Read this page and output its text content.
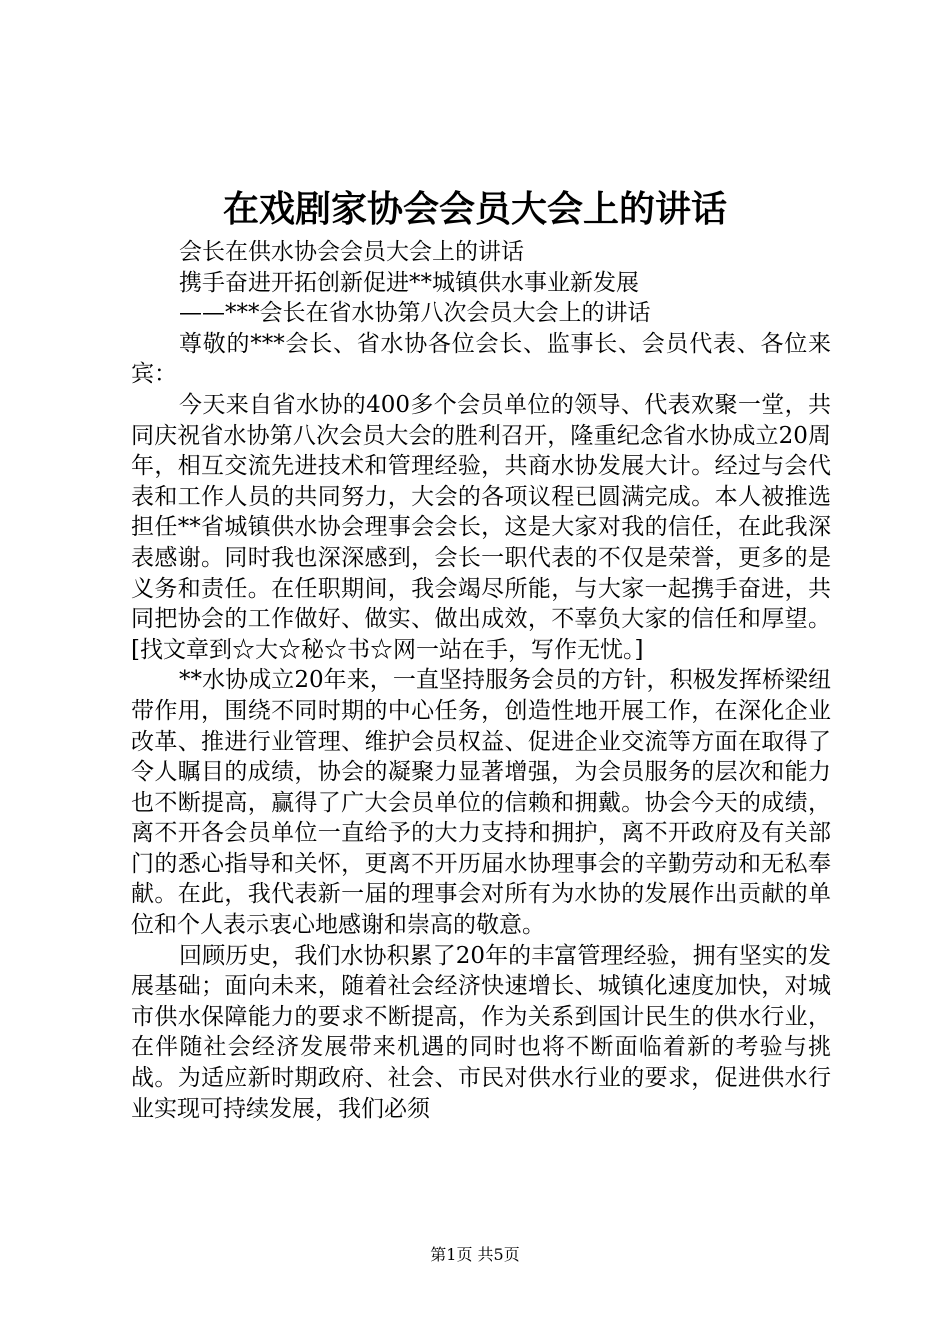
在戏剧家协会会员大会上的讲话

会长在供水协会会员大会上的讲话

携手奋进开拓创新促进**城镇供水事业新发展

——***会长在省水协第八次会员大会上的讲话

尊敬的***会长、省水协各位会长、监事长、会员代表、各位来宾：

今天来自省水协的400多个会员单位的领导、代表欢聚一堂，共同庆祝省水协第八次会员大会的胜利召开，隆重纪念省水协成立20周年，相互交流先进技术和管理经验，共商水协发展大计。经过与会代表和工作人员的共同努力，大会的各项议程已圆满完成。本人被推选担任**省城镇供水协会理事会会长，这是大家对我的信任，在此我深表感谢。同时我也深深感到，会长一职代表的不仅是荣誉，更多的是义务和责任。在任职期间，我会竭尽所能，与大家一起携手奋进，共同把协会的工作做好、做实、做出成效，不辜负大家的信任和厚望。[找文章到☆大☆秘☆书☆网一站在手，写作无忧。]

**水协成立20年来，一直坚持服务会员的方针，积极发挥桥梁纽带作用，围绕不同时期的中心任务，创造性地开展工作，在深化企业改革、推进行业管理、维护会员权益、促进企业交流等方面在取得了令人瞩目的成绩，协会的凝聚力显著增强，为会员服务的层次和能力也不断提高，赢得了广大会员单位的信赖和拥戴。协会今天的成绩，离不开各会员单位一直给予的大力支持和拥护，离不开政府及有关部门的悉心指导和关怀，更离不开历届水协理事会的辛勤劳动和无私奉献。在此，我代表新一届的理事会对所有为水协的发展作出贡献的单位和个人表示衷心地感谢和崇高的敬意。

回顾历史，我们水协积累了20年的丰富管理经验，拥有坚实的发展基础；面向未来，随着社会经济快速增长、城镇化速度加快，对城市供水保障能力的要求不断提高，作为关系到国计民生的供水行业，在伴随社会经济发展带来机遇的同时也将不断面临着新的考验与挑战。为适应新时期政府、社会、市民对供水行业的要求，促进供水行业实现可持续发展，我们必须

第1页 共5页
